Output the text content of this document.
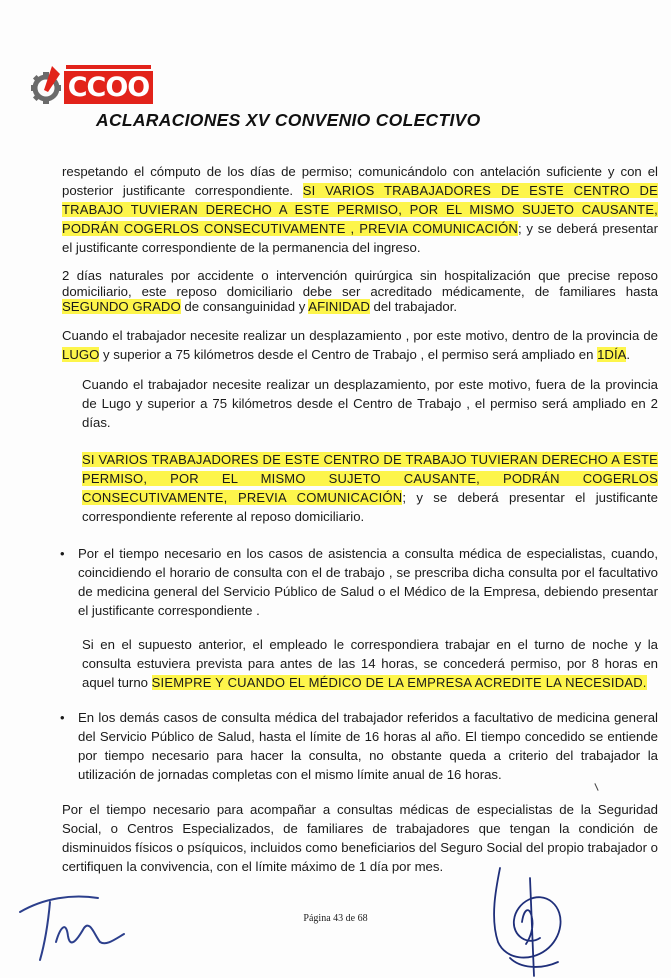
CCOO
ACLARACIONES XV CONVENIO COLECTIVO

respetando el cómputo de los días de permiso; comunicándolo con antelación suficiente y con el posterior justificante correspondiente. SI VARIOS TRABAJADORES DE ESTE CENTRO DE TRABAJO TUVIERAN DERECHO A ESTE PERMISO, POR EL MISMO SUJETO CAUSANTE, PODRÁN COGERLOS CONSECUTIVAMENTE , PREVIA COMUNICACIÓN; y se deberá presentar el justificante correspondiente de la permanencia del ingreso.

2 días naturales por accidente o intervención quirúrgica sin hospitalización que precise reposo domiciliario, este reposo domiciliario debe ser acreditado médicamente, de familiares hasta SEGUNDO GRADO de consanguinidad y AFINIDAD del trabajador.

Cuando el trabajador necesite realizar un desplazamiento , por este motivo, dentro de la provincia de LUGO y superior a 75 kilómetros desde el Centro de Trabajo , el permiso será ampliado en 1DÍA.

Cuando el trabajador necesite realizar un desplazamiento, por este motivo, fuera de la provincia de Lugo y superior a 75 kilómetros desde el Centro de Trabajo , el permiso será ampliado en 2 días.

SI VARIOS TRABAJADORES DE ESTE CENTRO DE TRABAJO TUVIERAN DERECHO A ESTE PERMISO, POR EL MISMO SUJETO CAUSANTE, PODRÁN COGERLOS CONSECUTIVAMENTE, PREVIA COMUNICACIÓN; y se deberá presentar el justificante correspondiente referente al reposo domiciliario.

• Por el tiempo necesario en los casos de asistencia a consulta médica de especialistas, cuando, coincidiendo el horario de consulta con el de trabajo , se prescriba dicha consulta por el facultativo de medicina general del Servicio Público de Salud o el Médico de la Empresa, debiendo presentar el justificante correspondiente .

Si en el supuesto anterior, el empleado le correspondiera trabajar en el turno de noche y la consulta estuviera prevista para antes de las 14 horas, se concederá permiso, por 8 horas en aquel turno SIEMPRE Y CUANDO EL MÉDICO DE LA EMPRESA ACREDITE LA NECESIDAD.

• En los demás casos de consulta médica del trabajador referidos a facultativo de medicina general del Servicio Público de Salud, hasta el límite de 16 horas al año. El tiempo concedido se entiende por tiempo necesario para hacer la consulta, no obstante queda a criterio del trabajador la utilización de jornadas completas con el mismo límite anual de 16 horas.

Por el tiempo necesario para acompañar a consultas médicas de especialistas de la Seguridad Social, o Centros Especializados, de familiares de trabajadores que tengan la condición de disminuidos físicos o psíquicos, incluidos como beneficiarios del Seguro Social del propio trabajador o certifiquen la convivencia, con el límite máximo de 1 día por mes.

Página 43 de 68
